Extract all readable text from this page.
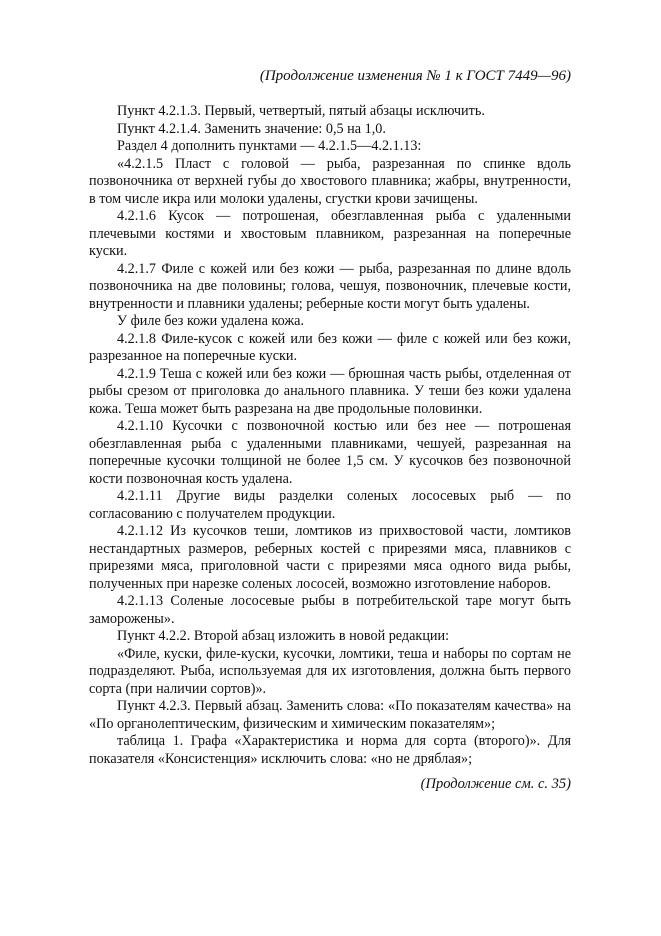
(Продолжение изменения № 1 к ГОСТ 7449—96)

Пункт 4.2.1.3. Первый, четвертый, пятый абзацы исключить.

Пункт 4.2.1.4. Заменить значение: 0,5 на 1,0.

Раздел 4 дополнить пунктами — 4.2.1.5—4.2.1.13:

«4.2.1.5 Пласт с головой — рыба, разрезанная по спинке вдоль позвоночника от верхней губы до хвостового плавника; жабры, внутренности, в том числе икра или молоки удалены, сгустки крови зачищены.

4.2.1.6 Кусок — потрошеная, обезглавленная рыба с удаленными плечевыми костями и хвостовым плавником, разрезанная на поперечные куски.

4.2.1.7 Филе с кожей или без кожи — рыба, разрезанная по длине вдоль позвоночника на две половины; голова, чешуя, позвоночник, плечевые кости, внутренности и плавники удалены; реберные кости могут быть удалены.

У филе без кожи удалена кожа.

4.2.1.8 Филе-кусок с кожей или без кожи — филе с кожей или без кожи, разрезанное на поперечные куски.

4.2.1.9 Теша с кожей или без кожи — брюшная часть рыбы, отделенная от рыбы срезом от приголовка до анального плавника. У теши без кожи удалена кожа. Теша может быть разрезана на две продольные половинки.

4.2.1.10 Кусочки с позвоночной костью или без нее — потрошеная обезглавленная рыба с удаленными плавниками, чешуей, разрезанная на поперечные кусочки толщиной не более 1,5 см. У кусочков без позвоночной кости позвоночная кость удалена.

4.2.1.11 Другие виды разделки соленых лососевых рыб — по согласованию с получателем продукции.

4.2.1.12 Из кусочков теши, ломтиков из прихвостовой части, ломтиков нестандартных размеров, реберных костей с прирезями мяса, плавников с прирезями мяса, приголовной части с прирезями мяса одного вида рыбы, полученных при нарезке соленых лососей, возможно изготовление наборов.

4.2.1.13 Соленые лососевые рыбы в потребительской таре могут быть заморожены».

Пункт 4.2.2. Второй абзац изложить в новой редакции:

«Филе, куски, филе-куски, кусочки, ломтики, теша и наборы по сортам не подразделяют. Рыба, используемая для их изготовления, должна быть первого сорта (при наличии сортов)».

Пункт 4.2.3. Первый абзац. Заменить слова: «По показателям качества» на «По органолептическим, физическим и химическим показателям»;

таблица 1. Графа «Характеристика и норма для сорта (второго)». Для показателя «Консистенция» исключить слова: «но не дряблая»;

(Продолжение см. с. 35)
